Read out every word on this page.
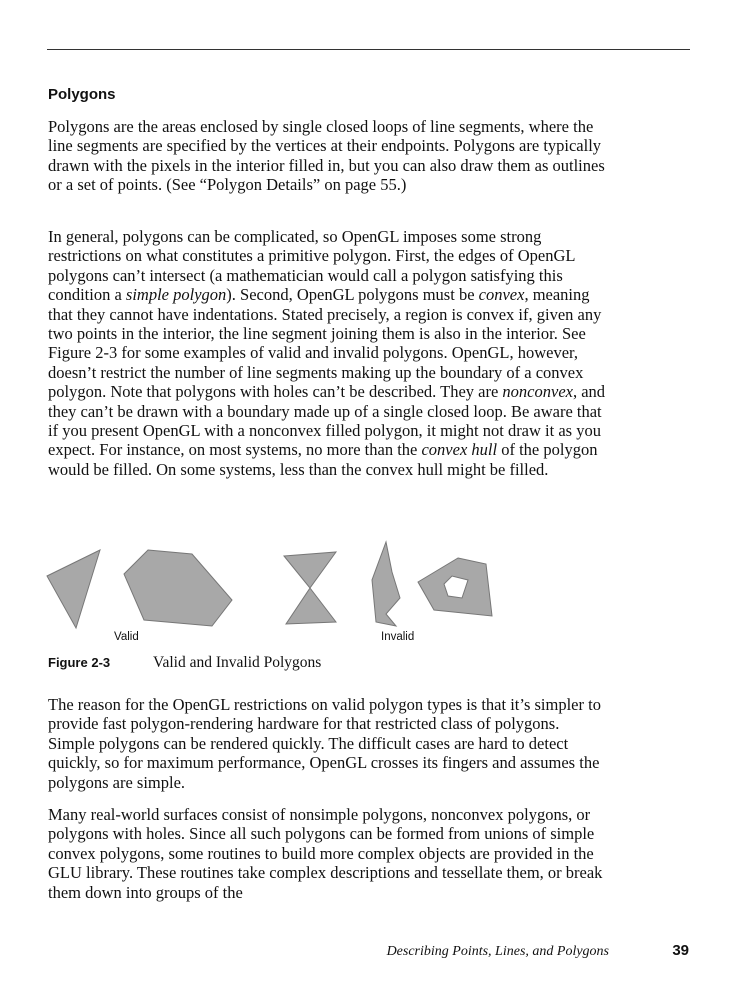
Polygons

Polygons are the areas enclosed by single closed loops of line segments, where the line segments are specified by the vertices at their endpoints. Polygons are typically drawn with the pixels in the interior filled in, but you can also draw them as outlines or a set of points. (See “Polygon Details” on page 55.)

In general, polygons can be complicated, so OpenGL imposes some strong restrictions on what constitutes a primitive polygon. First, the edges of OpenGL polygons can’t intersect (a mathematician would call a polygon satisfying this condition a simple polygon). Second, OpenGL polygons must be convex, meaning that they cannot have indentations. Stated precisely, a region is convex if, given any two points in the interior, the line segment joining them is also in the interior. See Figure 2-3 for some examples of valid and invalid polygons. OpenGL, however, doesn’t restrict the number of line segments making up the boundary of a convex polygon. Note that polygons with holes can’t be described. They are nonconvex, and they can’t be drawn with a boundary made up of a single closed loop. Be aware that if you present OpenGL with a nonconvex filled polygon, it might not draw it as you expect. For instance, on most systems, no more than the convex hull of the polygon would be filled. On some systems, less than the convex hull might be filled.

Valid	Invalid
Figure 2-3	Valid and Invalid Polygons

The reason for the OpenGL restrictions on valid polygon types is that it’s simpler to provide fast polygon-rendering hardware for that restricted class of polygons. Simple polygons can be rendered quickly. The difficult cases are hard to detect quickly, so for maximum performance, OpenGL crosses its fingers and assumes the polygons are simple.

Many real-world surfaces consist of nonsimple polygons, nonconvex polygons, or polygons with holes. Since all such polygons can be formed from unions of simple convex polygons, some routines to build more complex objects are provided in the GLU library. These routines take complex descriptions and tessellate them, or break them down into groups of the

Describing Points, Lines, and Polygons	39
